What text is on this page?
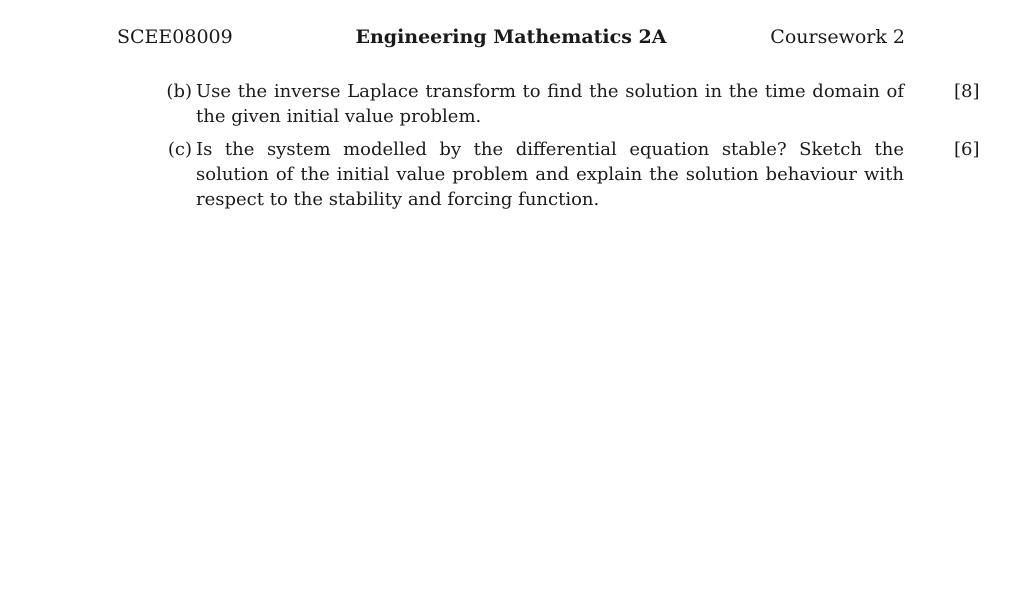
SCEE08009	Engineering Mathematics 2A	Coursework 2
(b) Use the inverse Laplace transform to find the solution in the time domain of the given initial value problem.
[8]
(c) Is the system modelled by the differential equation stable? Sketch the solution of the initial value problem and explain the solution behaviour with respect to the stability and forcing function.
[6]
